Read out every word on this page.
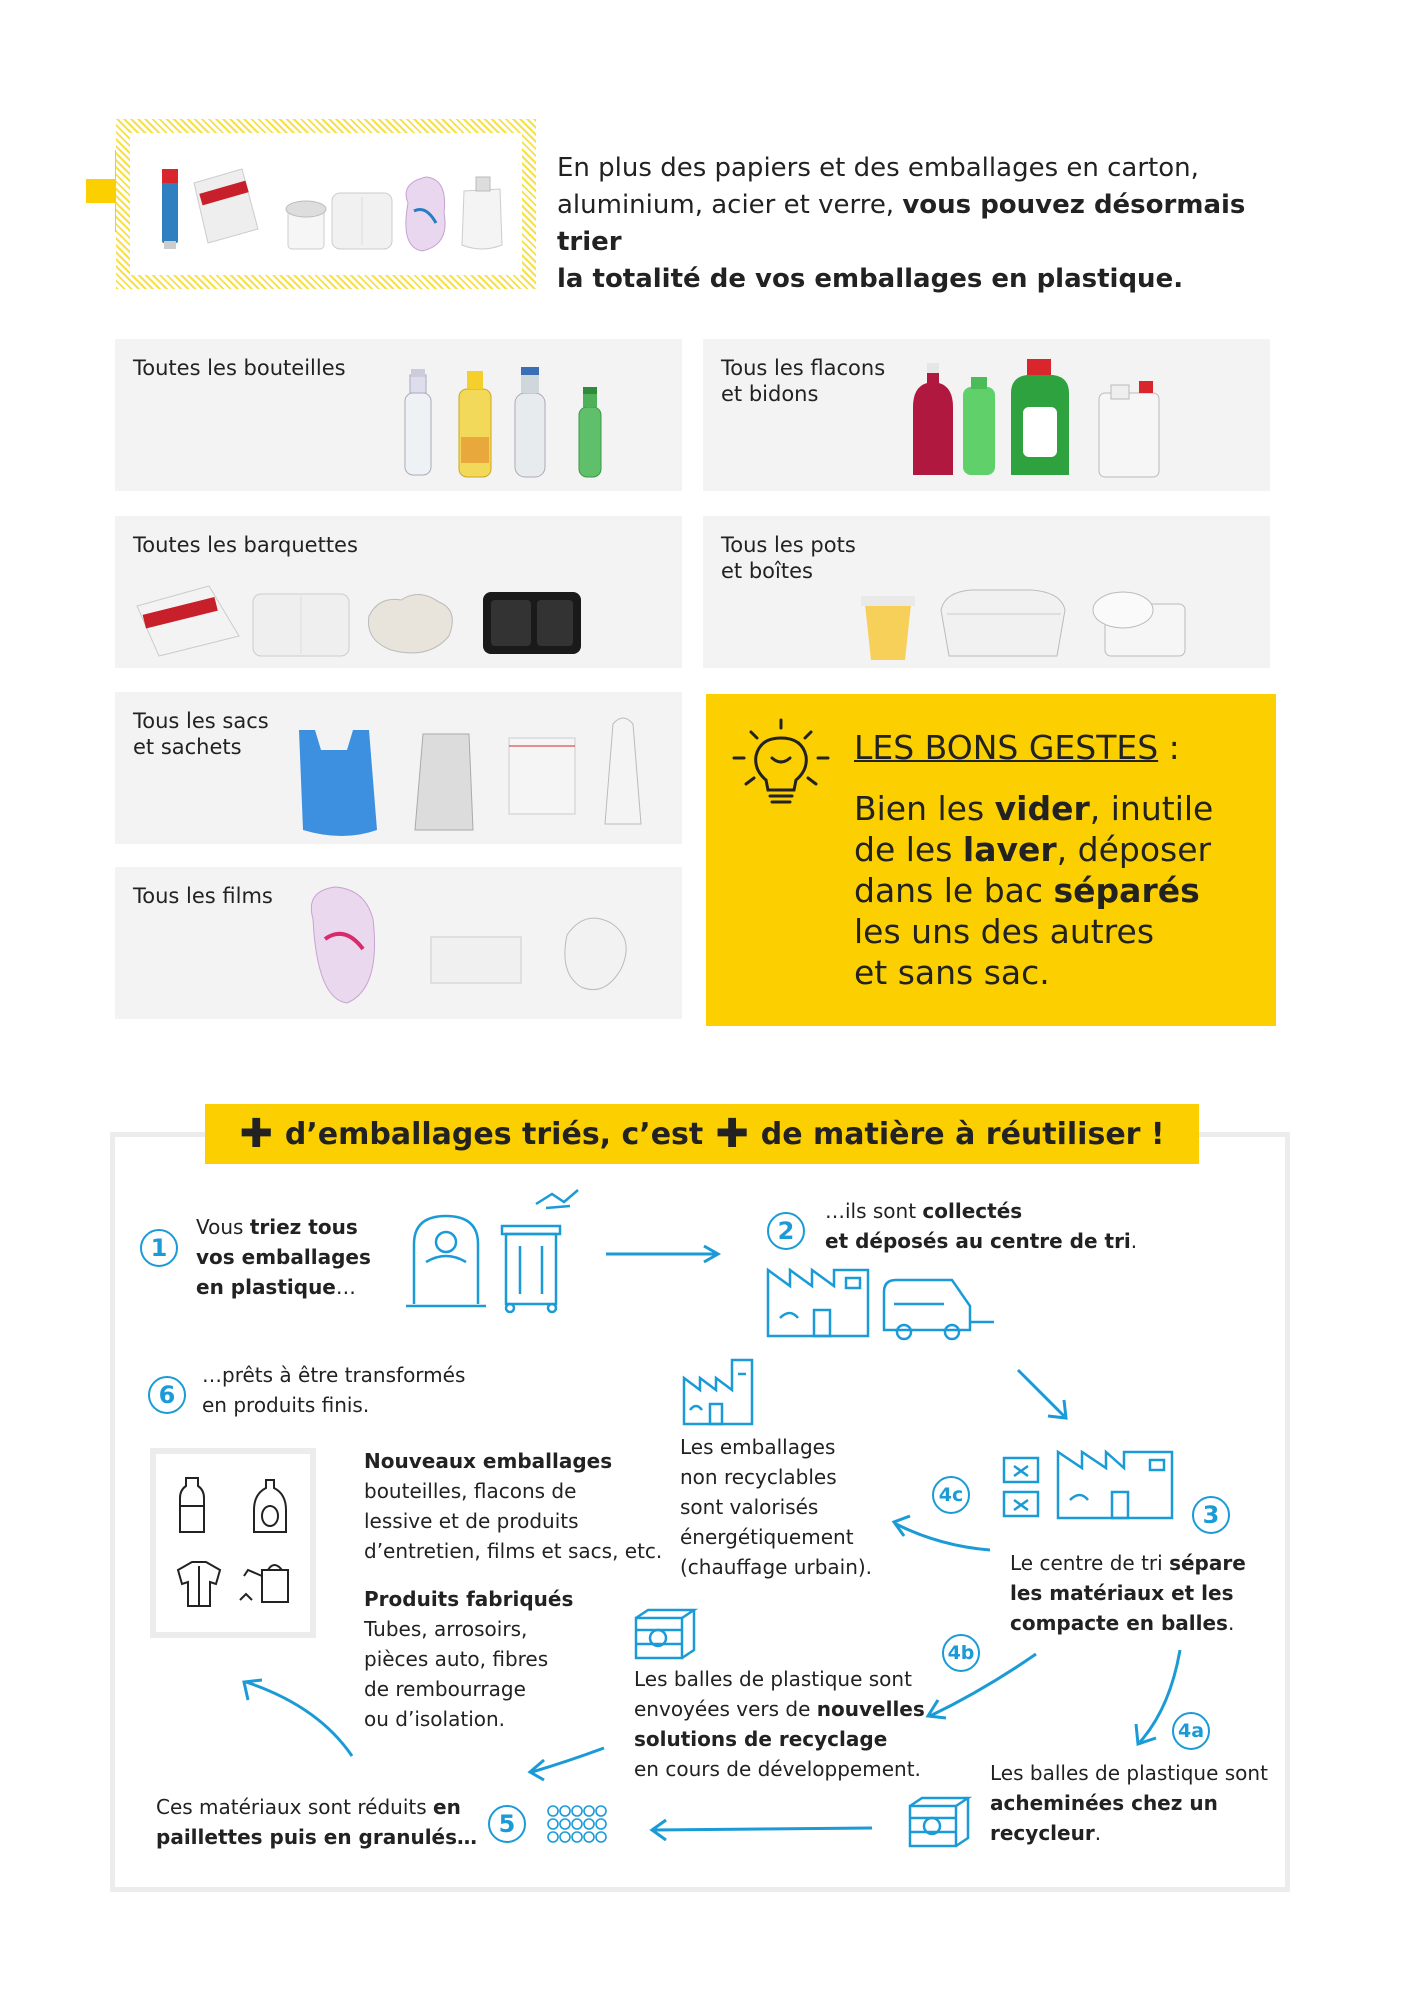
En plus des papiers et des emballages en carton,
aluminium, acier et verre, vous pouvez désormais trier
la totalité de vos emballages en plastique.
Toutes les bouteilles	Tous les flacons
et bidons
Toutes les barquettes	Tous les pots
et boîtes
Tous les sacs
et sachets
Tous les films
LES BONS GESTES :
Bien les vider, inutile
de les laver, déposer
dans le bac séparés
les uns des autres
et sans sac.
✚ d’emballages triés, c’est ✚ de matière à réutiliser !
1
Vous triez tous
vos emballages
en plastique…
2
…ils sont collectés
et déposés au centre de tri.
3
Le centre de tri sépare
les matériaux et les
compacte en balles.
4c
Les emballages
non recyclables
sont valorisés
énergétiquement
(chauffage urbain).
4b
Les balles de plastique sont
envoyées vers de nouvelles
solutions de recyclage
en cours de développement.
4a
Les balles de plastique sont
acheminées chez un
recycleur.
5
Ces matériaux sont réduits en
paillettes puis en granulés…
6
…prêts à être transformés
en produits finis.
Nouveaux emballages
bouteilles, flacons de
lessive et de produits
d’entretien, films et sacs, etc.
Produits fabriqués
Tubes, arrosoirs,
pièces auto, fibres
de rembourrage
ou d’isolation.
